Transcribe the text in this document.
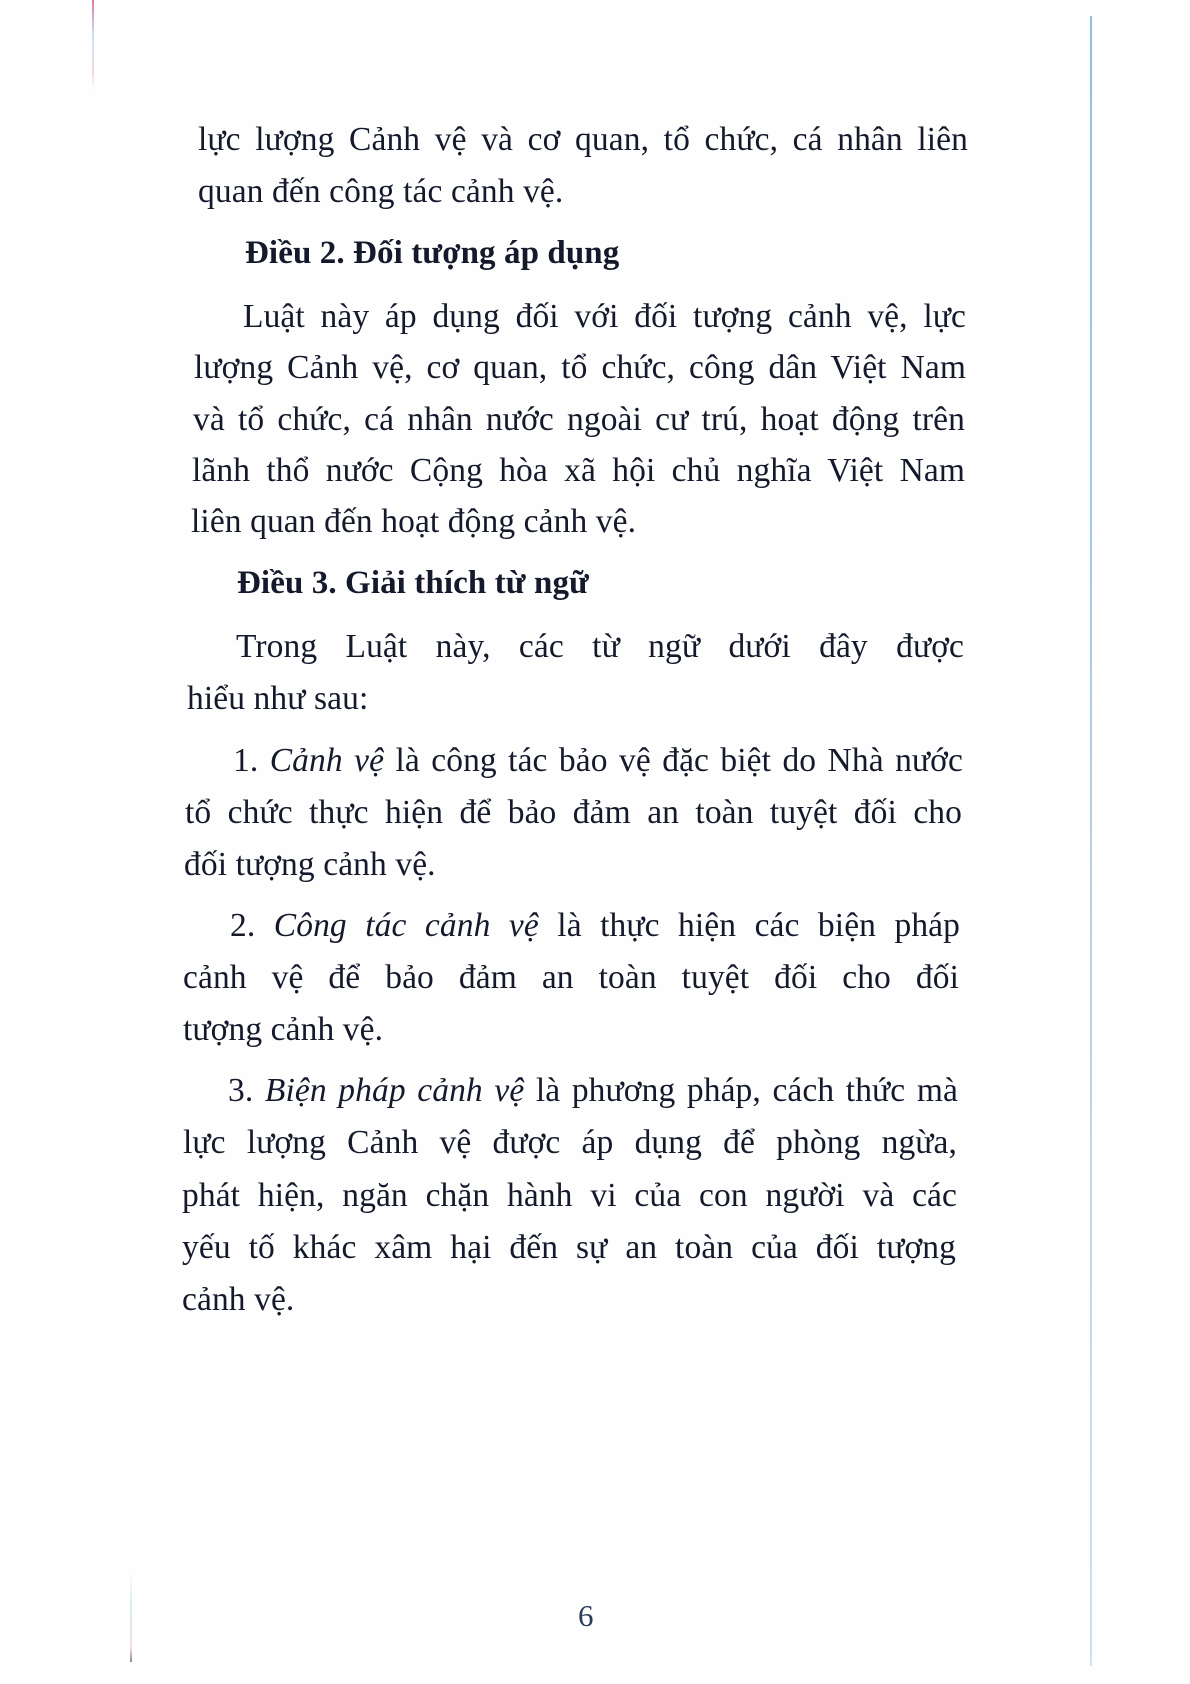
lực lượng Cảnh vệ và cơ quan, tổ chức, cá nhân liên
quan đến công tác cảnh vệ.
Điều 2. Đối tượng áp dụng
Luật này áp dụng đối với đối tượng cảnh vệ, lực
lượng Cảnh vệ, cơ quan, tổ chức, công dân Việt Nam
và tổ chức, cá nhân nước ngoài cư trú, hoạt động trên
lãnh thổ nước Cộng hòa xã hội chủ nghĩa Việt Nam
liên quan đến hoạt động cảnh vệ.
Điều 3. Giải thích từ ngữ
Trong Luật này, các từ ngữ dưới đây được
hiểu như sau:
1. Cảnh vệ là công tác bảo vệ đặc biệt do Nhà nước
tổ chức thực hiện để bảo đảm an toàn tuyệt đối cho
đối tượng cảnh vệ.
2. Công tác cảnh vệ là thực hiện các biện pháp
cảnh vệ để bảo đảm an toàn tuyệt đối cho đối
tượng cảnh vệ.
3. Biện pháp cảnh vệ là phương pháp, cách thức mà
lực lượng Cảnh vệ được áp dụng để phòng ngừa,
phát hiện, ngăn chặn hành vi của con người và các
yếu tố khác xâm hại đến sự an toàn của đối tượng
cảnh vệ.
6
